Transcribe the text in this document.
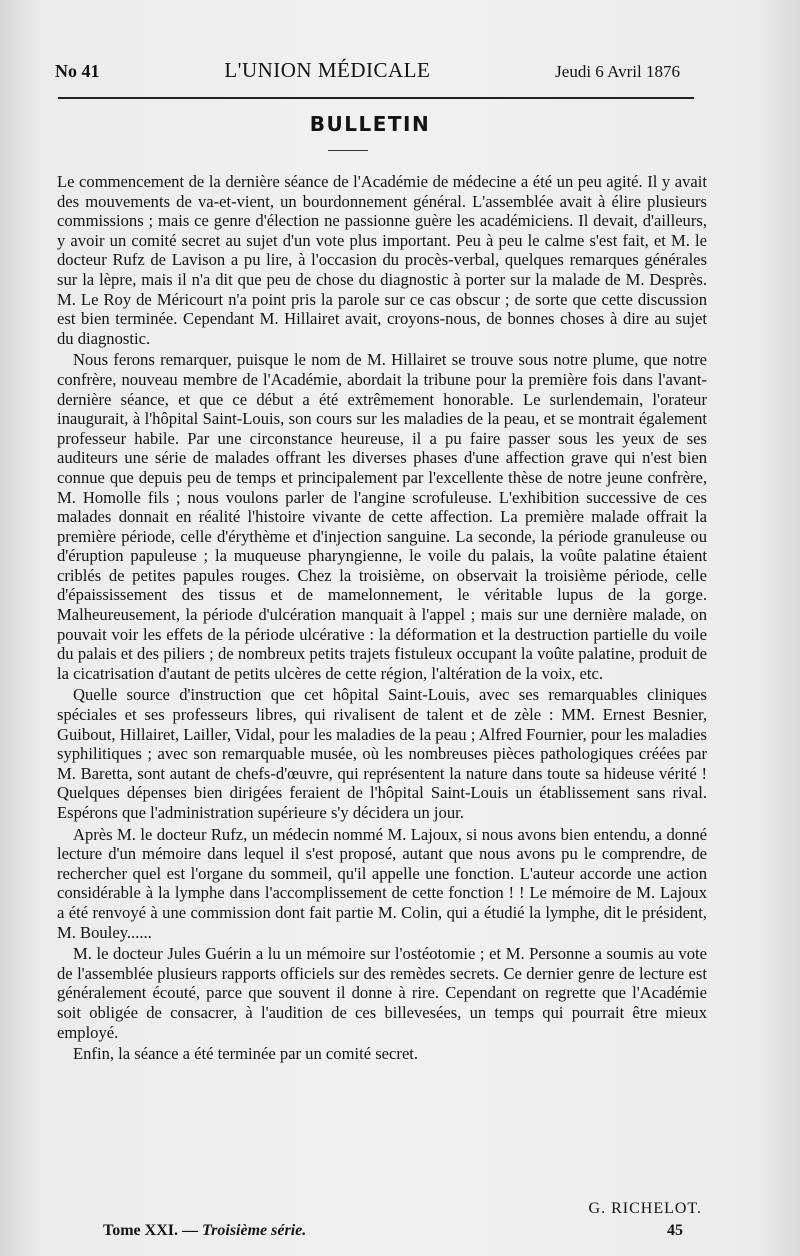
No 41	L'UNION MÉDICALE	Jeudi 6 Avril 1876
BULLETIN

Le commencement de la dernière séance de l'Académie de médecine a été un peu agité. Il y avait des mouvements de va-et-vient, un bourdonnement général. L'assemblée avait à élire plusieurs commissions ; mais ce genre d'élection ne passionne guère les académiciens. Il devait, d'ailleurs, y avoir un comité secret au sujet d'un vote plus important. Peu à peu le calme s'est fait, et M. le docteur Rufz de Lavison a pu lire, à l'occasion du procès-verbal, quelques remarques générales sur la lèpre, mais il n'a dit que peu de chose du diagnostic à porter sur la malade de M. Desprès. M. Le Roy de Méricourt n'a point pris la parole sur ce cas obscur ; de sorte que cette discussion est bien terminée. Cependant M. Hillairet avait, croyons-nous, de bonnes choses à dire au sujet du diagnostic.

Nous ferons remarquer, puisque le nom de M. Hillairet se trouve sous notre plume, que notre confrère, nouveau membre de l'Académie, abordait la tribune pour la première fois dans l'avant-dernière séance, et que ce début a été extrêmement honorable. Le surlendemain, l'orateur inaugurait, à l'hôpital Saint-Louis, son cours sur les maladies de la peau, et se montrait également professeur habile. Par une circonstance heureuse, il a pu faire passer sous les yeux de ses auditeurs une série de malades offrant les diverses phases d'une affection grave qui n'est bien connue que depuis peu de temps et principalement par l'excellente thèse de notre jeune confrère, M. Homolle fils ; nous voulons parler de l'angine scrofuleuse. L'exhibition successive de ces malades donnait en réalité l'histoire vivante de cette affection. La première malade offrait la première période, celle d'érythème et d'injection sanguine. La seconde, la période granuleuse ou d'éruption papuleuse ; la muqueuse pharyngienne, le voile du palais, la voûte palatine étaient criblés de petites papules rouges. Chez la troisième, on observait la troisième période, celle d'épaississement des tissus et de mamelonnement, le véritable lupus de la gorge. Malheureusement, la période d'ulcération manquait à l'appel ; mais sur une dernière malade, on pouvait voir les effets de la période ulcérative : la déformation et la destruction partielle du voile du palais et des piliers ; de nombreux petits trajets fistuleux occupant la voûte palatine, produit de la cicatrisation d'autant de petits ulcères de cette région, l'altération de la voix, etc.

Quelle source d'instruction que cet hôpital Saint-Louis, avec ses remarquables cliniques spéciales et ses professeurs libres, qui rivalisent de talent et de zèle : MM. Ernest Besnier, Guibout, Hillairet, Lailler, Vidal, pour les maladies de la peau ; Alfred Fournier, pour les maladies syphilitiques ; avec son remarquable musée, où les nombreuses pièces pathologiques créées par M. Baretta, sont autant de chefs-d'œuvre, qui représentent la nature dans toute sa hideuse vérité ! Quelques dépenses bien dirigées feraient de l'hôpital Saint-Louis un établissement sans rival. Espérons que l'administration supérieure s'y décidera un jour.

Après M. le docteur Rufz, un médecin nommé M. Lajoux, si nous avons bien entendu, a donné lecture d'un mémoire dans lequel il s'est proposé, autant que nous avons pu le comprendre, de rechercher quel est l'organe du sommeil, qu'il appelle une fonction. L'auteur accorde une action considérable à la lymphe dans l'accomplissement de cette fonction ! ! Le mémoire de M. Lajoux a été renvoyé à une commission dont fait partie M. Colin, qui a étudié la lymphe, dit le président, M. Bouley......

M. le docteur Jules Guérin a lu un mémoire sur l'ostéotomie ; et M. Personne a soumis au vote de l'assemblée plusieurs rapports officiels sur des remèdes secrets. Ce dernier genre de lecture est généralement écouté, parce que souvent il donne à rire. Cependant on regrette que l'Académie soit obligée de consacrer, à l'audition de ces billevesées, un temps qui pourrait être mieux employé.

Enfin, la séance a été terminée par un comité secret.

G. RICHELOT.
Tome XXI. — Troisième série.	45
